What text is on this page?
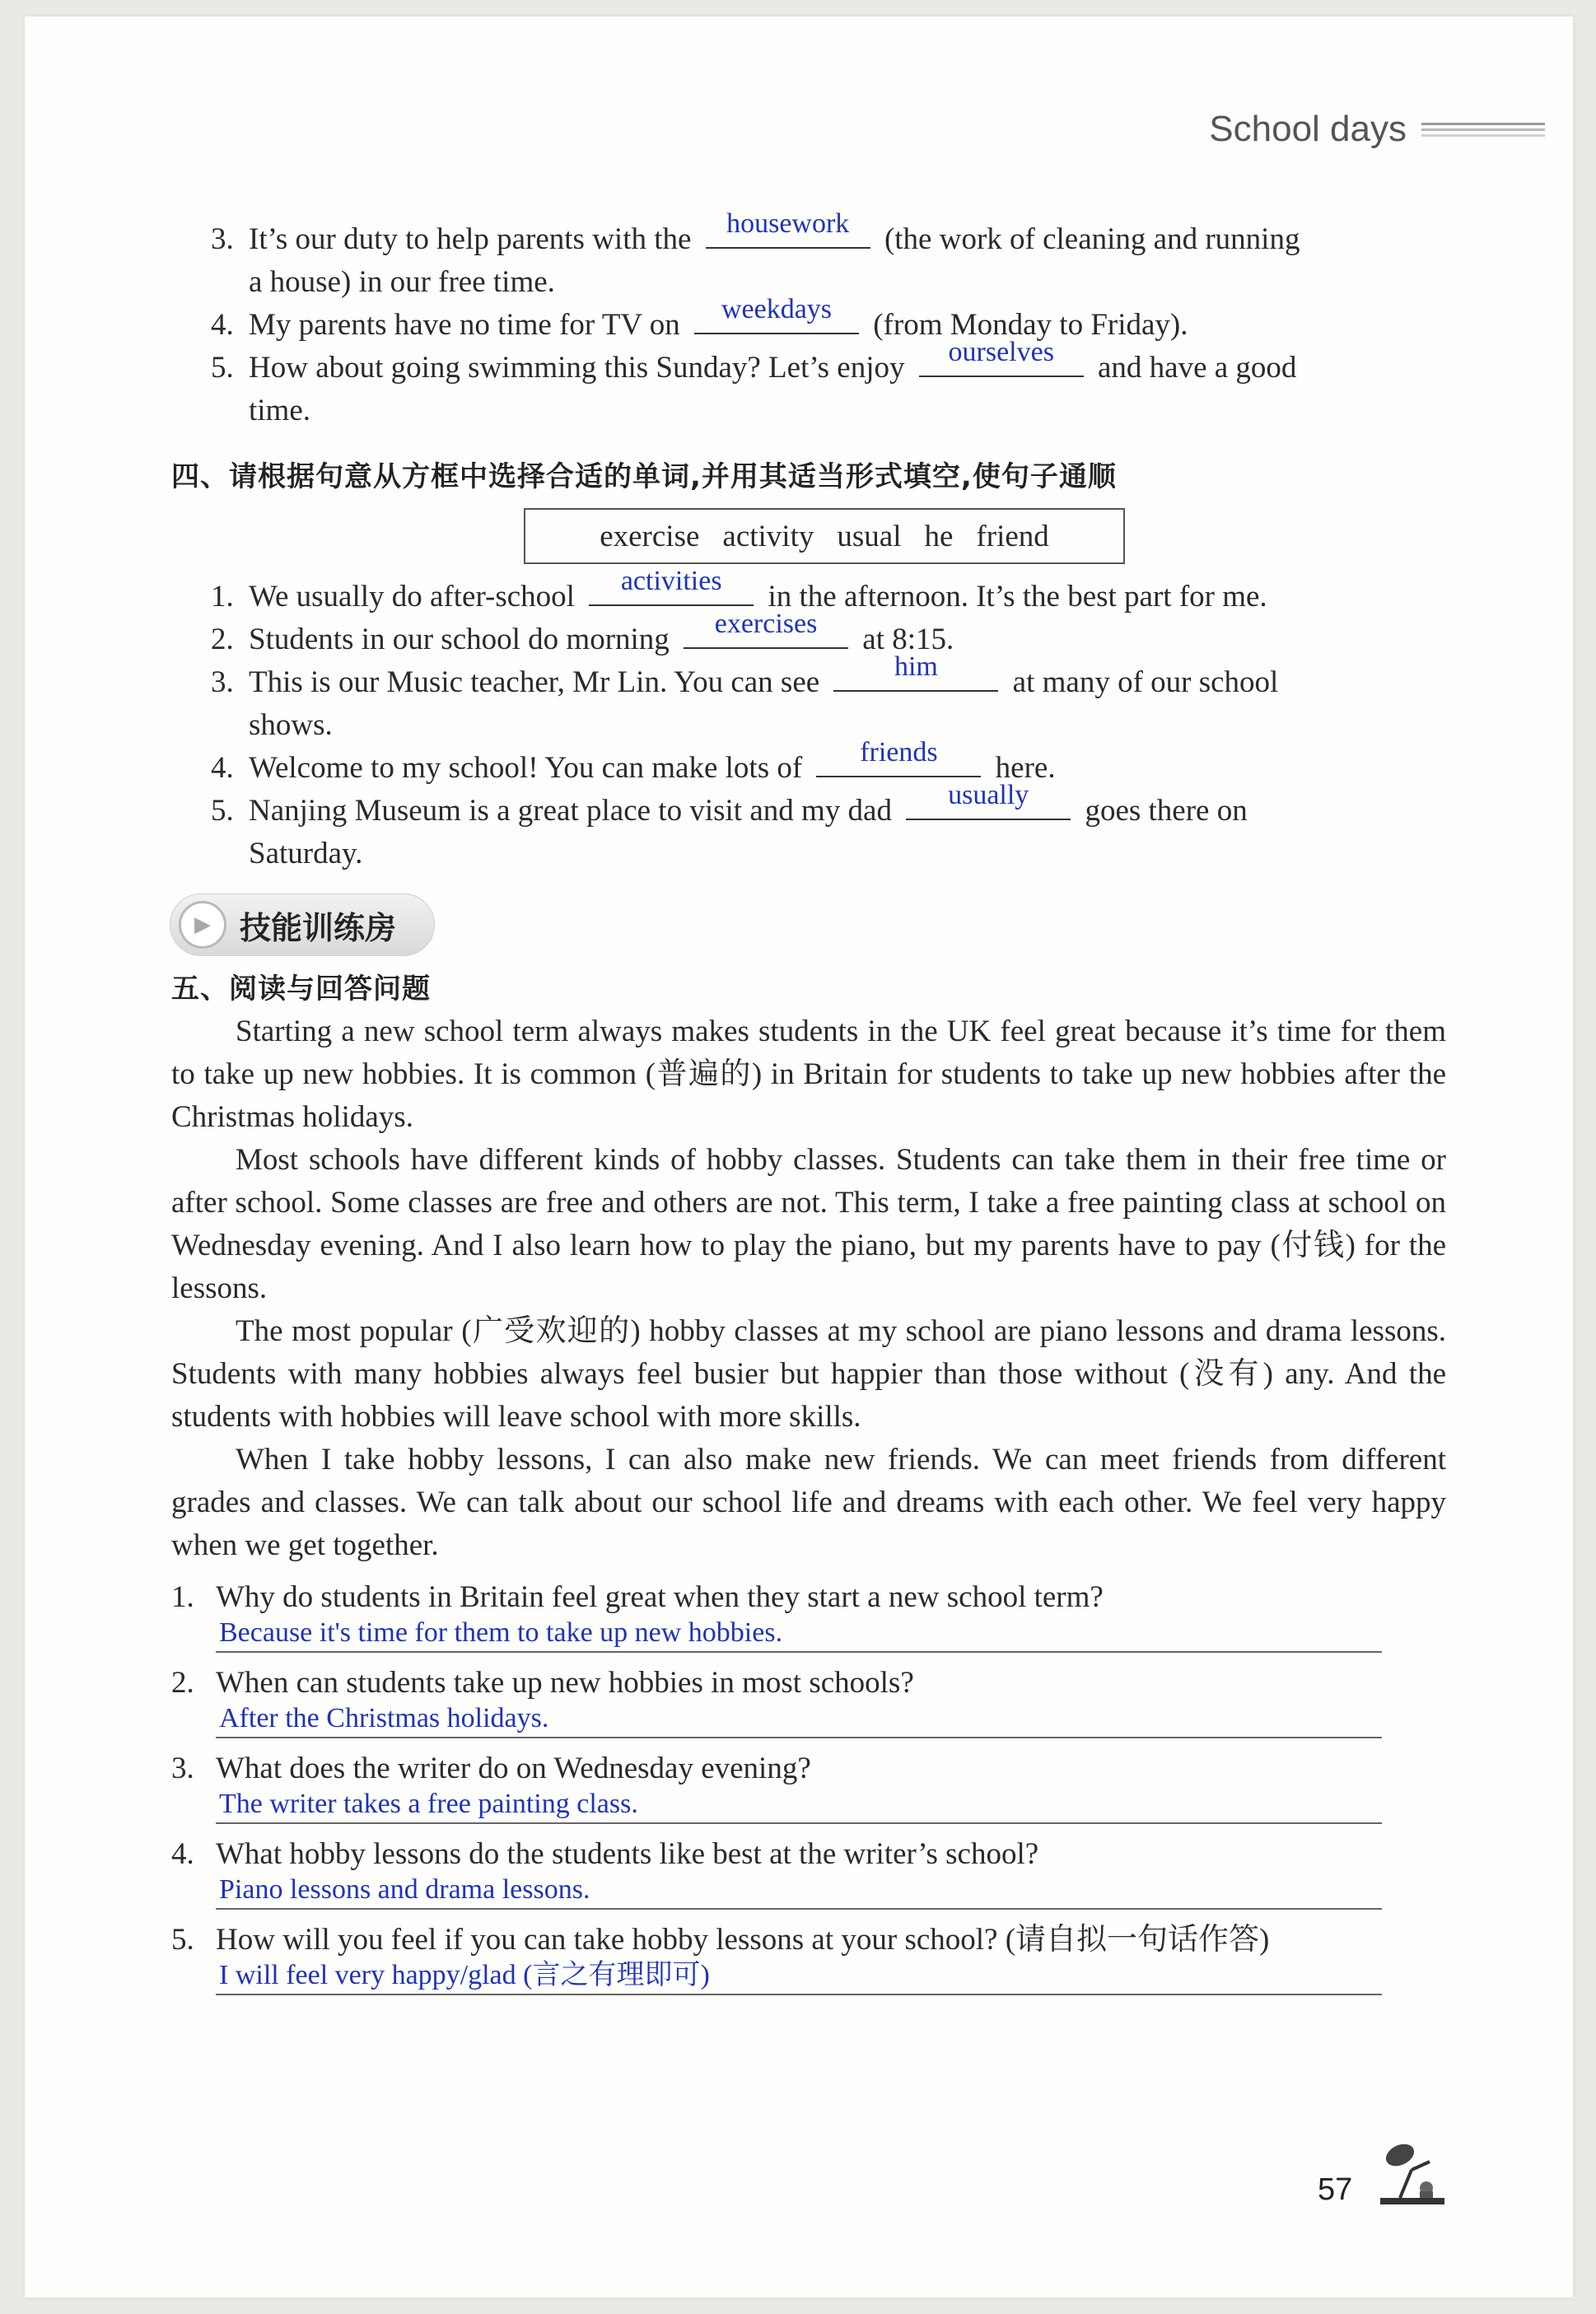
School days
3. It’s our duty to help parents with the	housework	(the work of cleaning and running
a house) in our free time.
4. My parents have no time for TV on	weekdays	(from Monday to Friday).
5. How about going swimming this Sunday? Let’s enjoy	ourselves	and have a good
time.
四、请根据句意从方框中选择合适的单词,并用其适当形式填空,使句子通顺
exercise activity usual he friend
1. We usually do after-school	activities	in the afternoon. It’s the best part for me.
2. Students in our school do morning	exercises	at 8:15.
3. This is our Music teacher, Mr Lin. You can see	him	at many of our school
shows.
4. Welcome to my school! You can make lots of	friends	here.
5. Nanjing Museum is a great place to visit and my dad	usually	goes there on
Saturday.
▶ 技能训练房
五、阅读与回答问题
Starting a new school term always makes students in the UK feel great because it’s time for them to take up new hobbies. It is common (普遍的) in Britain for students to take up new hobbies after the Christmas holidays.
Most schools have different kinds of hobby classes. Students can take them in their free time or after school. Some classes are free and others are not. This term, I take a free painting class at school on Wednesday evening. And I also learn how to play the piano, but my parents have to pay (付钱) for the lessons.
The most popular (广受欢迎的) hobby classes at my school are piano lessons and drama lessons. Students with many hobbies always feel busier but happier than those without (没有) any. And the students with hobbies will leave school with more skills.
When I take hobby lessons, I can also make new friends. We can meet friends from different grades and classes. We can talk about our school life and dreams with each other. We feel very happy when we get together.
1. Why do students in Britain feel great when they start a new school term?
Because it's time for them to take up new hobbies.
2. When can students take up new hobbies in most schools?
After the Christmas holidays.
3. What does the writer do on Wednesday evening?
The writer takes a free painting class.
4. What hobby lessons do the students like best at the writer’s school?
Piano lessons and drama lessons.
5. How will you feel if you can take hobby lessons at your school? (请自拟一句话作答)
I will feel very happy/glad (言之有理即可)
57
